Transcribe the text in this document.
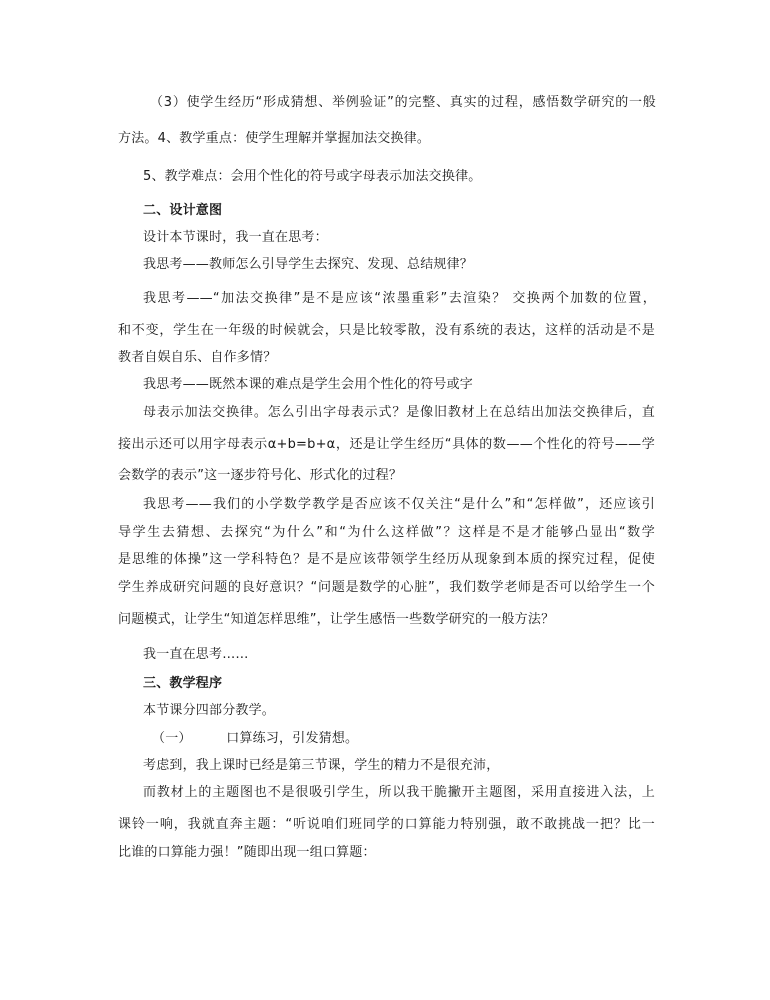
（3）使学生经历“形成猜想、举例验证”的完整、真实的过程，感悟数学研究的一般
方法。4、教学重点：使学生理解并掌握加法交换律。
5、教学难点：会用个性化的符号或字母表示加法交换律。
二、设计意图
设计本节课时，我一直在思考：
我思考——教师怎么引导学生去探究、发现、总结规律？
我思考——“加法交换律”是不是应该“浓墨重彩”去渲染？ 交换两个加数的位置，
和不变，学生在一年级的时候就会，只是比较零散，没有系统的表达，这样的活动是不是
教者自娱自乐、自作多情？
我思考——既然本课的难点是学生会用个性化的符号或字
母表示加法交换律。怎么引出字母表示式？是像旧教材上在总结出加法交换律后，直
接出示还可以用字母表示α+b=b+α，还是让学生经历“具体的数——个性化的符号——学
会数学的表示”这一逐步符号化、形式化的过程？
我思考——我们的小学数学教学是否应该不仅关注“是什么”和“怎样做”，还应该引
导学生去猜想、去探究“为什么”和“为什么这样做”？这样是不是才能够凸显出“数学
是思维的体操”这一学科特色？是不是应该带领学生经历从现象到本质的探究过程，促使
学生养成研究问题的良好意识？“问题是数学的心脏”，我们数学老师是否可以给学生一个
问题模式，让学生“知道怎样思维”，让学生感悟一些数学研究的一般方法？
我一直在思考……
三、教学程序
本节课分四部分教学。
（一）        口算练习，引发猜想。
考虑到，我上课时已经是第三节课，学生的精力不是很充沛，
而教材上的主题图也不是很吸引学生，所以我干脆撇开主题图，采用直接进入法，上
课铃一响，我就直奔主题：“听说咱们班同学的口算能力特别强，敢不敢挑战一把？比一
比谁的口算能力强！”随即出现一组口算题：
